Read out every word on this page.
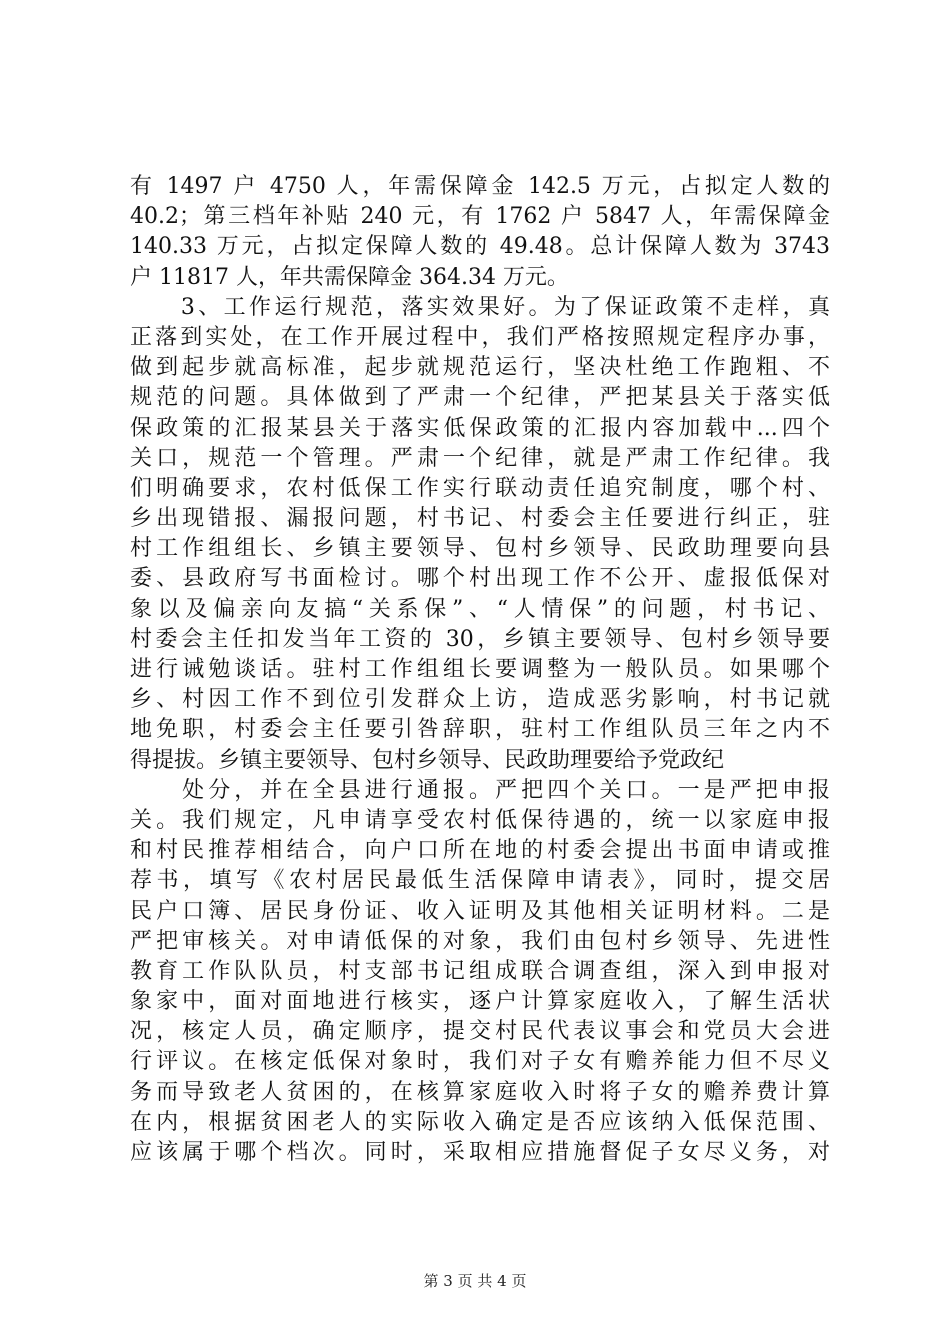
有 1497 户 4750 人，年需保障金 142.5 万元，占拟定人数的
40.2；第三档年补贴 240 元，有 1762 户 5847 人，年需保障金
140.33 万元，占拟定保障人数的 49.48。总计保障人数为 3743
户 11817 人，年共需保障金 364.34 万元。
　　3、工作运行规范，落实效果好。为了保证政策不走样，真
正落到实处，在工作开展过程中，我们严格按照规定程序办事，
做到起步就高标准，起步就规范运行，坚决杜绝工作跑粗、不
规范的问题。具体做到了严肃一个纪律，严把某县关于落实低
保政策的汇报某县关于落实低保政策的汇报内容加载中...四个
关口，规范一个管理。严肃一个纪律，就是严肃工作纪律。我
们明确要求，农村低保工作实行联动责任追究制度，哪个村、
乡出现错报、漏报问题，村书记、村委会主任要进行纠正，驻
村工作组组长、乡镇主要领导、包村乡领导、民政助理要向县
委、县政府写书面检讨。哪个村出现工作不公开、虚报低保对
象以及偏亲向友搞“关系保”、“人情保”的问题，村书记、
村委会主任扣发当年工资的 30，乡镇主要领导、包村乡领导要
进行诫勉谈话。驻村工作组组长要调整为一般队员。如果哪个
乡、村因工作不到位引发群众上访，造成恶劣影响，村书记就
地免职，村委会主任要引咎辞职，驻村工作组队员三年之内不
得提拔。乡镇主要领导、包村乡领导、民政助理要给予党政纪
　　处分，并在全县进行通报。严把四个关口。一是严把申报
关。我们规定，凡申请享受农村低保待遇的，统一以家庭申报
和村民推荐相结合，向户口所在地的村委会提出书面申请或推
荐书，填写《农村居民最低生活保障申请表》，同时，提交居
民户口簿、居民身份证、收入证明及其他相关证明材料。二是
严把审核关。对申请低保的对象，我们由包村乡领导、先进性
教育工作队队员，村支部书记组成联合调查组，深入到申报对
象家中，面对面地进行核实，逐户计算家庭收入，了解生活状
况，核定人员，确定顺序，提交村民代表议事会和党员大会进
行评议。在核定低保对象时，我们对子女有赡养能力但不尽义
务而导致老人贫困的，在核算家庭收入时将子女的赡养费计算
在内，根据贫困老人的实际收入确定是否应该纳入低保范围、
应该属于哪个档次。同时，采取相应措施督促子女尽义务，对
第 3 页 共 4 页
